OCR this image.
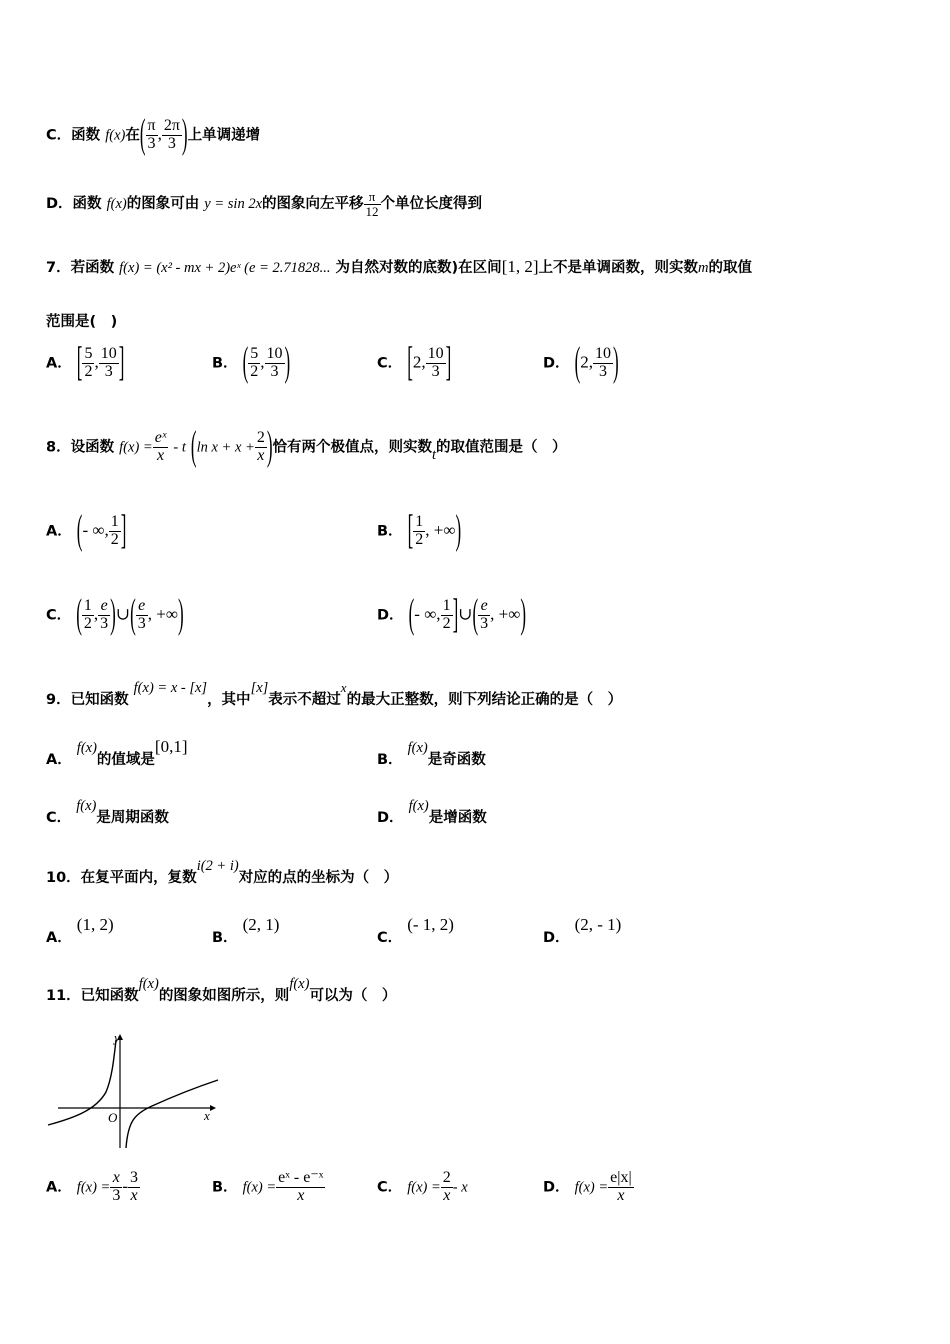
C．函数 f(x)在( $\frac{\pi}{3}$ , $\frac{2\pi}{3}$ )上单调递增
D．函数 f(x)的图象可由 y = sin 2x的图象向左平移 $\frac{\pi}{12}$ 个单位长度得到
7．若函数 f(x) = (x² - mx + 2)eˣ (e = 2.71828... 为自然对数的底数)在区间[1, 2]上不是单调函数，则实数m的取值
范围是(　)
A． [ $\frac{5}{2}$ , $\frac{10}{3}$ ]	B． ( $\frac{5}{2}$ , $\frac{10}{3}$ )	C． [2, $\frac{10}{3}$ ]	D． (2, $\frac{10}{3}$ )
8．设函数 $f(x) = \frac{\text{eˣ}}{x} - t$ (ln $x + x + \frac{2}{x}$ )恰有两个极值点，则实数t的取值范围是（　）
A． (- ∞, $\frac{1}{2}$ ]	B． [ $\frac{1}{2}$ , +∞)
C． ( $\frac{1}{2}$ , $\frac{e}{3}$ )∪( $\frac{e}{3}$ , +∞)	D． (- ∞, $\frac{1}{2}$ ]∪( $\frac{e}{3}$ , +∞)
9．已知函数 f(x) = x - [x]，其中[x]表示不超过x的最大正整数，则下列结论正确的是（　）
A． f(x)的值域是[0,1]
B． f(x)是奇函数
C． f(x)是周期函数	D． f(x)是增函数
10．在复平面内，复数i(2 + i)对应的点的坐标为（　）
A． (1, 2)
B． (2, 1)
C． (- 1, 2)
D． (2, - 1)
11．已知函数f(x)的图象如图所示，则f(x)可以为（　）
y
O	x
A． $f(x) = \frac{x}{3} - \frac{3}{x}$	B． $f(x) = \frac{\text{eˣ - e⁻ˣ}}{x}$	C． $f(x) = \frac{2}{x} - x$	D． $f(x) = \frac{e|x|}{x}$
